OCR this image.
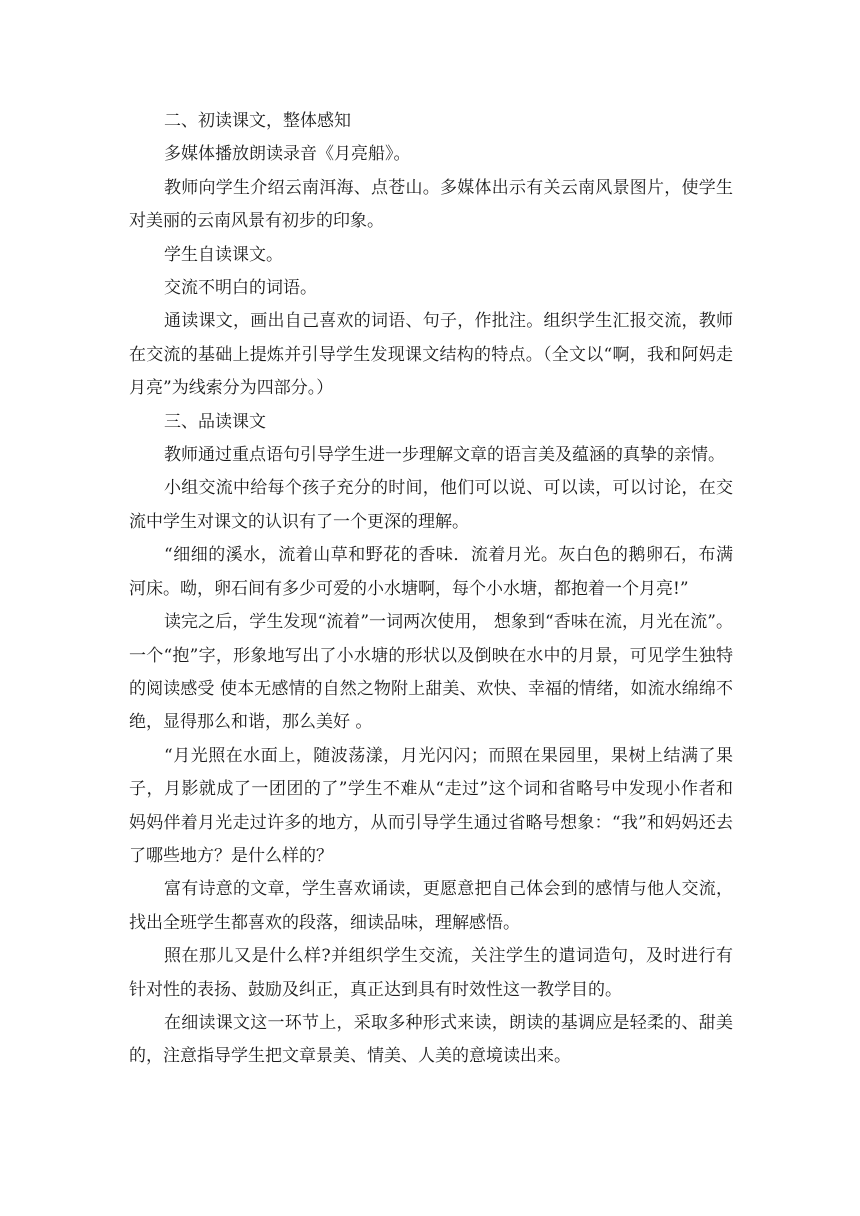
二、初读课文，整体感知

多媒体播放朗读录音《月亮船》。

教师向学生介绍云南洱海、点苍山。多媒体出示有关云南风景图片，使学生对美丽的云南风景有初步的印象。

学生自读课文。

交流不明白的词语。

通读课文，画出自己喜欢的词语、句子，作批注。组织学生汇报交流，教师在交流的基础上提炼并引导学生发现课文结构的特点。（全文以“啊，我和阿妈走月亮”为线索分为四部分。）

三、品读课文

教师通过重点语句引导学生进一步理解文章的语言美及蕴涵的真挚的亲情。

小组交流中给每个孩子充分的时间，他们可以说、可以读，可以讨论，在交流中学生对课文的认识有了一个更深的理解。

“细细的溪水，流着山草和野花的香味．流着月光。灰白色的鹅卵石，布满河床。呦，卵石间有多少可爱的小水塘啊，每个小水塘，都抱着一个月亮!”

读完之后，学生发现“流着”一词两次使用， 想象到“香味在流，月光在流”。一个“抱”字，形象地写出了小水塘的形状以及倒映在水中的月景，可见学生独特的阅读感受 使本无感情的自然之物附上甜美、欢快、幸福的情绪，如流水绵绵不绝，显得那么和谐，那么美好 。

“月光照在水面上，随波荡漾，月光闪闪；而照在果园里，果树上结满了果子，月影就成了一团团的了”学生不难从“走过”这个词和省略号中发现小作者和妈妈伴着月光走过许多的地方，从而引导学生通过省略号想象：“我”和妈妈还去了哪些地方？是什么样的？

富有诗意的文章，学生喜欢诵读，更愿意把自己体会到的感情与他人交流，找出全班学生都喜欢的段落，细读品味，理解感悟。

照在那儿又是什么样?并组织学生交流，关注学生的遣词造句，及时进行有针对性的表扬、鼓励及纠正，真正达到具有时效性这一教学目的。

在细读课文这一环节上，采取多种形式来读，朗读的基调应是轻柔的、甜美的，注意指导学生把文章景美、情美、人美的意境读出来。
